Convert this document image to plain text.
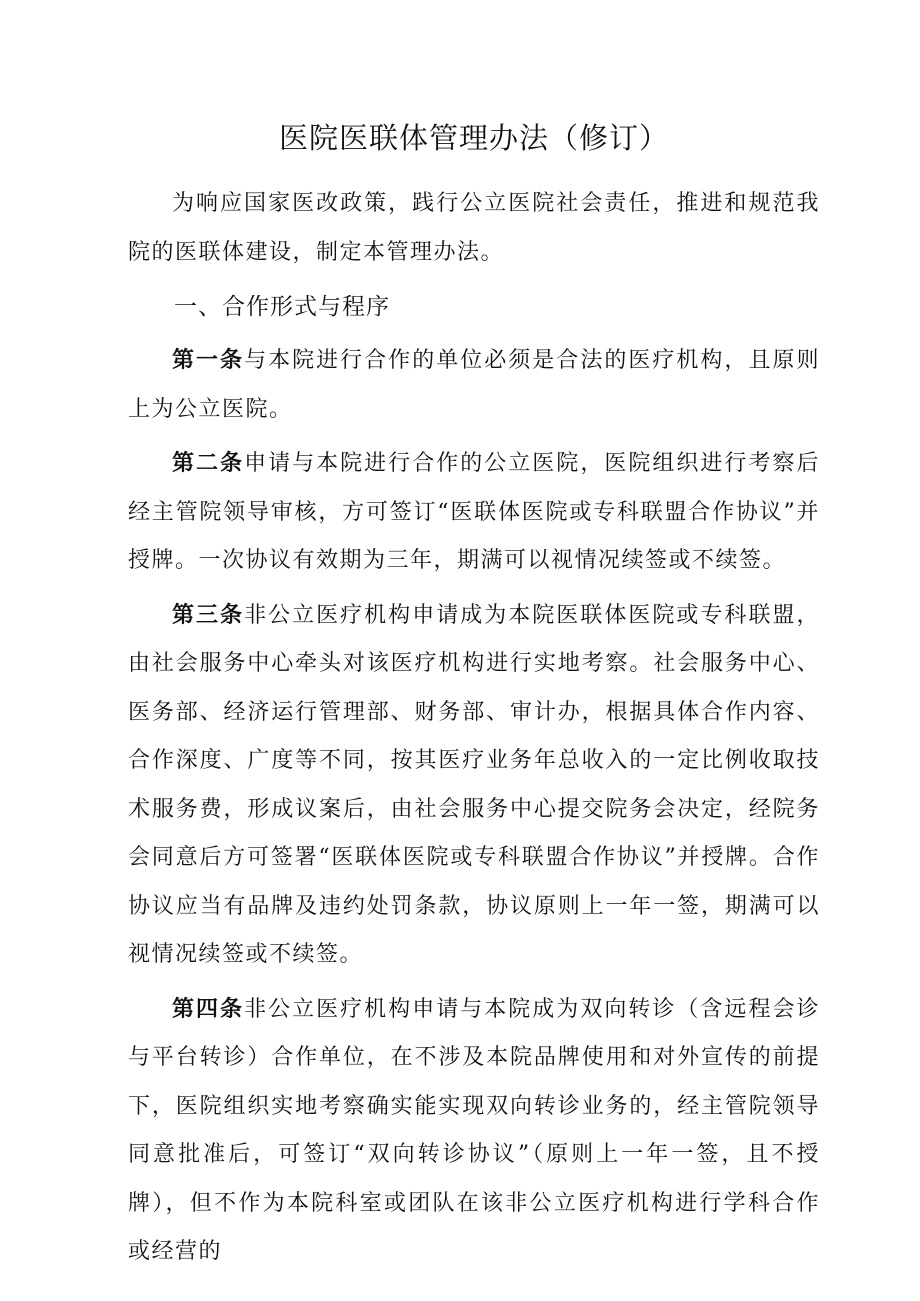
医院医联体管理办法（修订）

为响应国家医改政策，践行公立医院社会责任，推进和规范我院的医联体建设，制定本管理办法。

一、合作形式与程序

第一条与本院进行合作的单位必须是合法的医疗机构，且原则上为公立医院。

第二条申请与本院进行合作的公立医院，医院组织进行考察后经主管院领导审核，方可签订“医联体医院或专科联盟合作协议”并授牌。一次协议有效期为三年，期满可以视情况续签或不续签。

第三条非公立医疗机构申请成为本院医联体医院或专科联盟，由社会服务中心牵头对该医疗机构进行实地考察。社会服务中心、医务部、经济运行管理部、财务部、审计办，根据具体合作内容、合作深度、广度等不同，按其医疗业务年总收入的一定比例收取技术服务费，形成议案后，由社会服务中心提交院务会决定，经院务会同意后方可签署“医联体医院或专科联盟合作协议”并授牌。合作协议应当有品牌及违约处罚条款，协议原则上一年一签，期满可以视情况续签或不续签。

第四条非公立医疗机构申请与本院成为双向转诊（含远程会诊与平台转诊）合作单位，在不涉及本院品牌使用和对外宣传的前提下，医院组织实地考察确实能实现双向转诊业务的，经主管院领导同意批准后，可签订“双向转诊协议”（原则上一年一签，且不授牌），但不作为本院科室或团队在该非公立医疗机构进行学科合作或经营的
